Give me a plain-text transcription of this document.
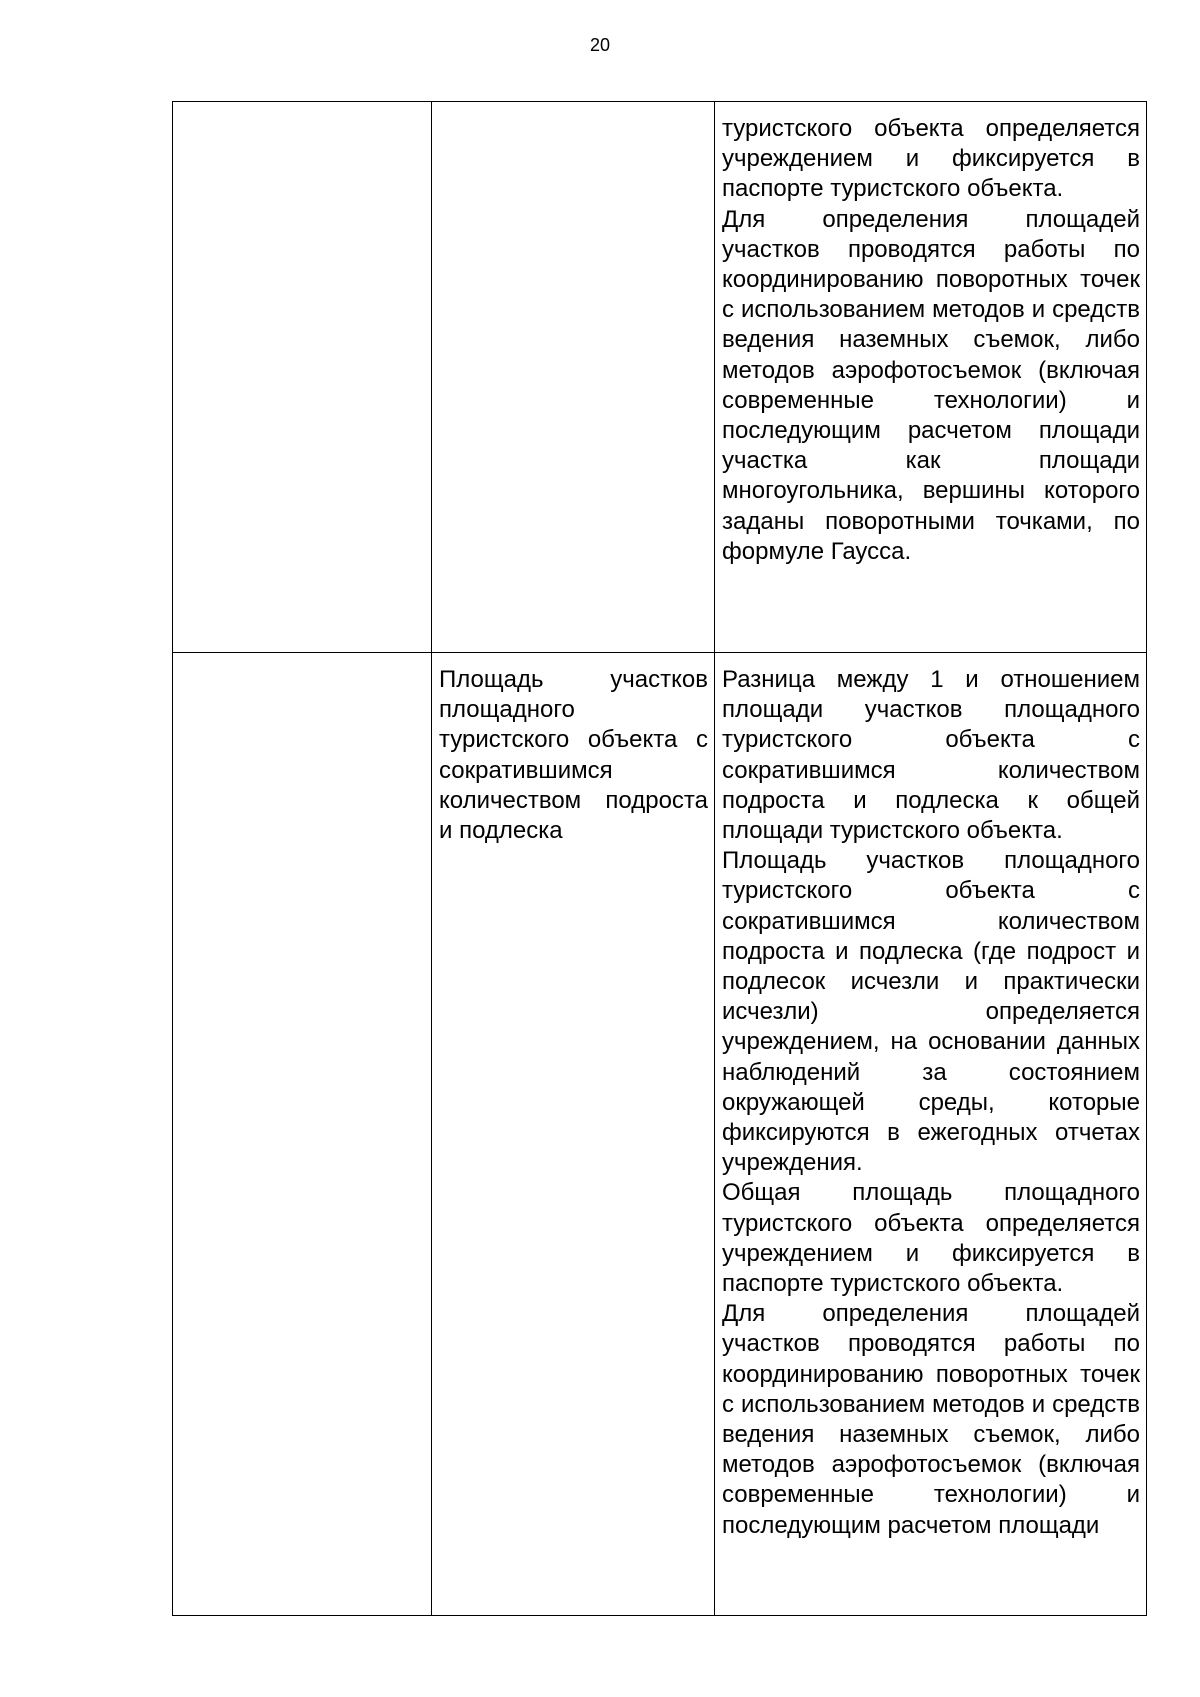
20

		туристского объекта определяется учреждением и фиксируется в паспорте туристского объекта.

Для определения площадей участков проводятся работы по координированию поворотных точек с использованием методов и средств ведения наземных съемок, либо методов аэрофотосъемок (включая современные технологии) и последующим расчетом площади участка как площади многоугольника, вершины которого заданы поворотными точками, по формуле Гаусса.

	Площадь участков площадного туристского объекта с сократившимся количеством подроста и подлеска	Разница между 1 и отношением площади участков площадного туристского объекта с сократившимся количеством подроста и подлеска к общей площади туристского объекта.

Площадь участков площадного туристского объекта с сократившимся количеством подроста и подлеска (где подрост и подлесок исчезли и практически исчезли) определяется учреждением, на основании данных наблюдений за состоянием окружающей среды, которые фиксируются в ежегодных отчетах учреждения.

Общая площадь площадного туристского объекта определяется учреждением и фиксируется в паспорте туристского объекта.

Для определения площадей участков проводятся работы по координированию поворотных точек с использованием методов и средств ведения наземных съемок, либо методов аэрофотосъемок (включая современные технологии) и последующим расчетом площади
